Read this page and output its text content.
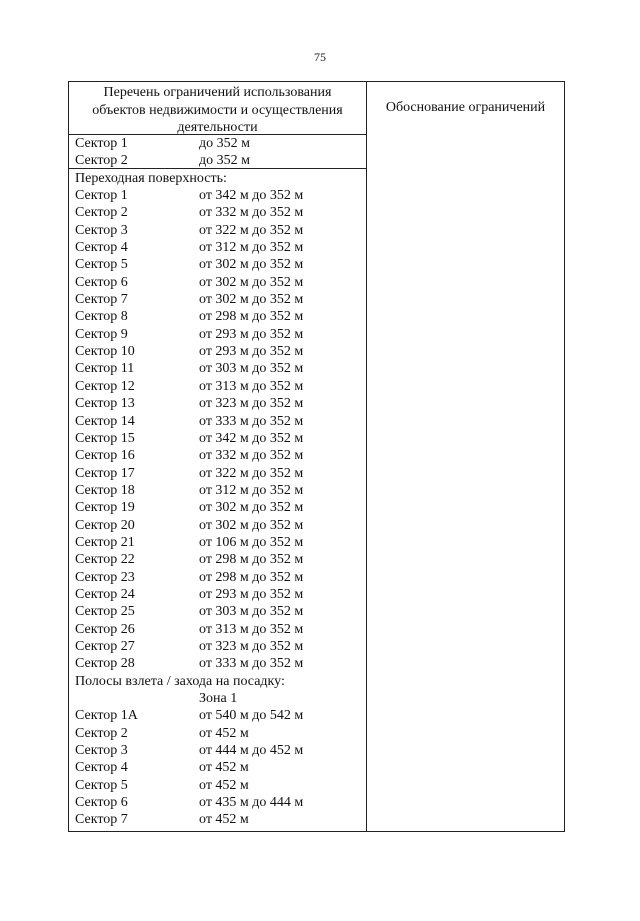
75
Перечень ограничений использования
объектов недвижимости и осуществления
деятельности
Обоснование ограничений
Сектор 1	до 352 м
Сектор 2	до 352 м
Переходная поверхность:
Сектор 1	от 342 м до 352 м
Сектор 2	от 332 м до 352 м
Сектор 3	от 322 м до 352 м
Сектор 4	от 312 м до 352 м
Сектор 5	от 302 м до 352 м
Сектор 6	от 302 м до 352 м
Сектор 7	от 302 м до 352 м
Сектор 8	от 298 м до 352 м
Сектор 9	от 293 м до 352 м
Сектор 10	от 293 м до 352 м
Сектор 11	от 303 м до 352 м
Сектор 12	от 313 м до 352 м
Сектор 13	от 323 м до 352 м
Сектор 14	от 333 м до 352 м
Сектор 15	от 342 м до 352 м
Сектор 16	от 332 м до 352 м
Сектор 17	от 322 м до 352 м
Сектор 18	от 312 м до 352 м
Сектор 19	от 302 м до 352 м
Сектор 20	от 302 м до 352 м
Сектор 21	от 106 м до 352 м
Сектор 22	от 298 м до 352 м
Сектор 23	от 298 м до 352 м
Сектор 24	от 293 м до 352 м
Сектор 25	от 303 м до 352 м
Сектор 26	от 313 м до 352 м
Сектор 27	от 323 м до 352 м
Сектор 28	от 333 м до 352 м
Полосы взлета / захода на посадку:
Зона 1
Сектор 1А	от 540 м до 542 м
Сектор 2	от 452 м
Сектор 3	от 444 м до 452 м
Сектор 4	от 452 м
Сектор 5	от 452 м
Сектор 6	от 435 м до 444 м
Сектор 7	от 452 м
